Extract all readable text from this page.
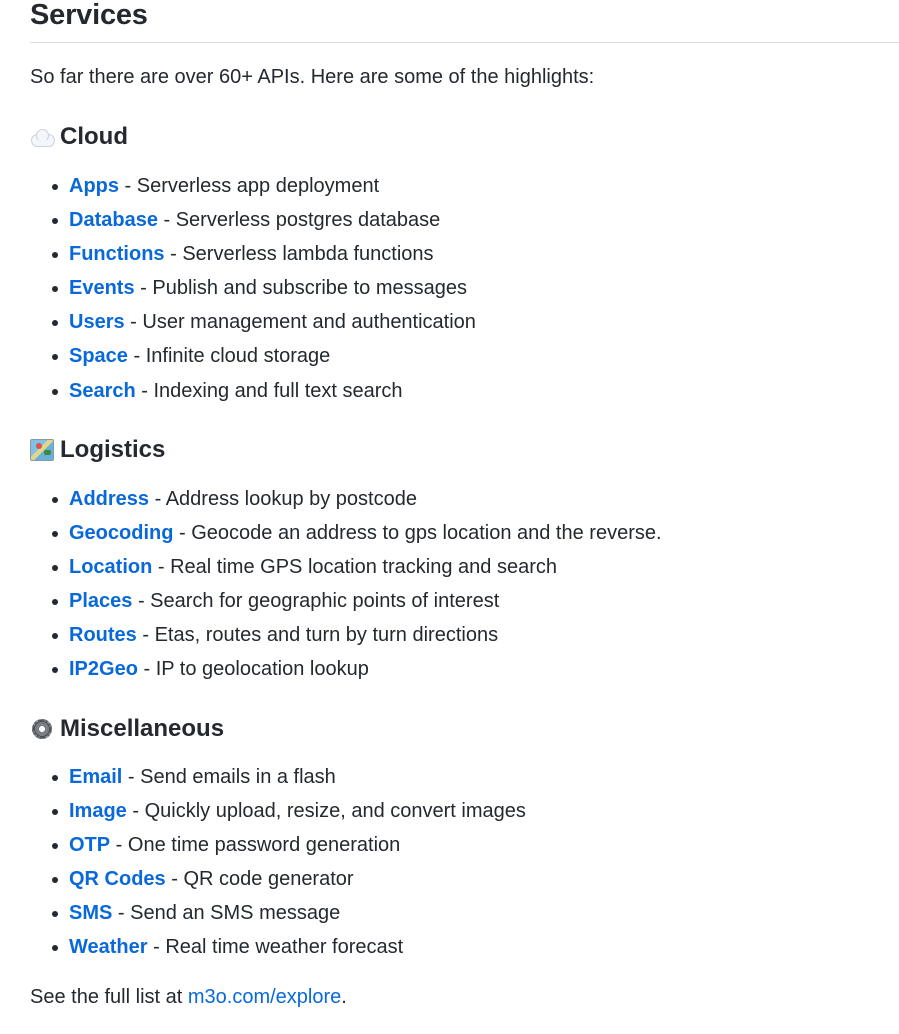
Services

So far there are over 60+ APIs. Here are some of the highlights:

Cloud
Apps - Serverless app deployment
Database - Serverless postgres database
Functions - Serverless lambda functions
Events - Publish and subscribe to messages
Users - User management and authentication
Space - Infinite cloud storage
Search - Indexing and full text search
Logistics
Address - Address lookup by postcode
Geocoding - Geocode an address to gps location and the reverse.
Location - Real time GPS location tracking and search
Places - Search for geographic points of interest
Routes - Etas, routes and turn by turn directions
IP2Geo - IP to geolocation lookup
Miscellaneous
Email - Send emails in a flash
Image - Quickly upload, resize, and convert images
OTP - One time password generation
QR Codes - QR code generator
SMS - Send an SMS message
Weather - Real time weather forecast

See the full list at m3o.com/explore.
